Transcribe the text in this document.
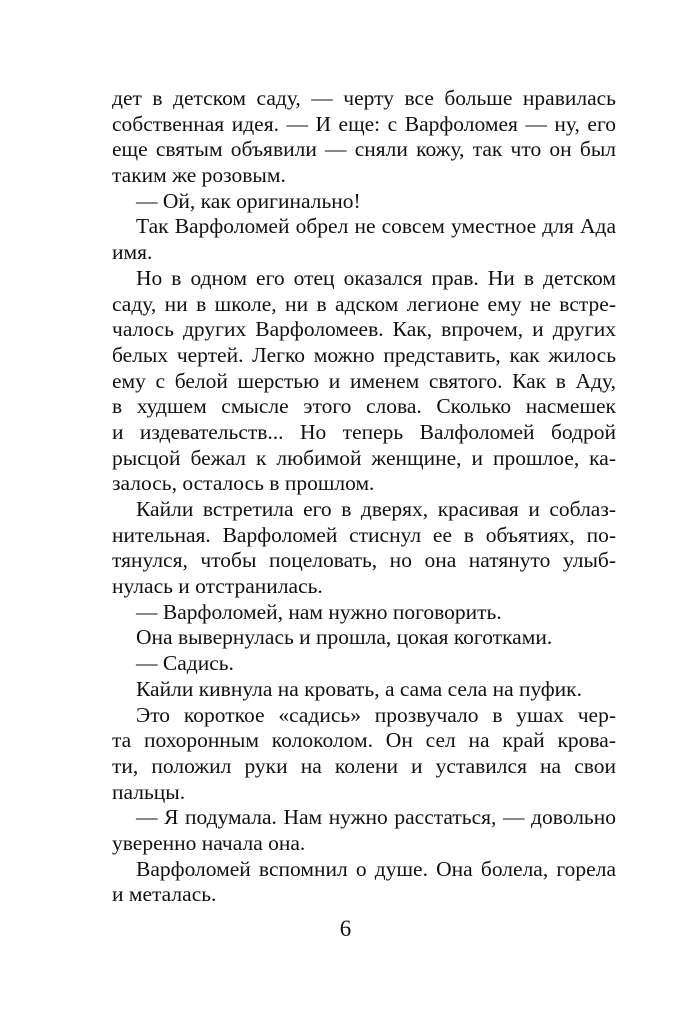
дет в детском саду, — черту все больше нравилась
собственная идея. — И еще: с Варфоломея — ну, его
еще святым объявили — сняли кожу, так что он был
таким же розовым.
— Ой, как оригинально!
Так Варфоломей обрел не совсем уместное для Ада
имя.
Но в одном его отец оказался прав. Ни в детском
саду, ни в школе, ни в адском легионе ему не встре-
чалось других Варфоломеев. Как, впрочем, и других
белых чертей. Легко можно представить, как жилось
ему с белой шерстью и именем святого. Как в Аду,
в худшем смысле этого слова. Сколько насмешек
и издевательств... Но теперь Валфоломей бодрой
рысцой бежал к любимой женщине, и прошлое, ка-
залось, осталось в прошлом.
Кайли встретила его в дверях, красивая и соблаз-
нительная. Варфоломей стиснул ее в объятиях, по-
тянулся, чтобы поцеловать, но она натянуто улыб-
нулась и отстранилась.
— Варфоломей, нам нужно поговорить.
Она вывернулась и прошла, цокая коготками.
— Садись.
Кайли кивнула на кровать, а сама села на пуфик.
Это короткое «садись» прозвучало в ушах чер-
та похоронным колоколом. Он сел на край крова-
ти, положил руки на колени и уставился на свои
пальцы.
— Я подумала. Нам нужно расстаться, — довольно
уверенно начала она.
Варфоломей вспомнил о душе. Она болела, горела
и металась.
6
